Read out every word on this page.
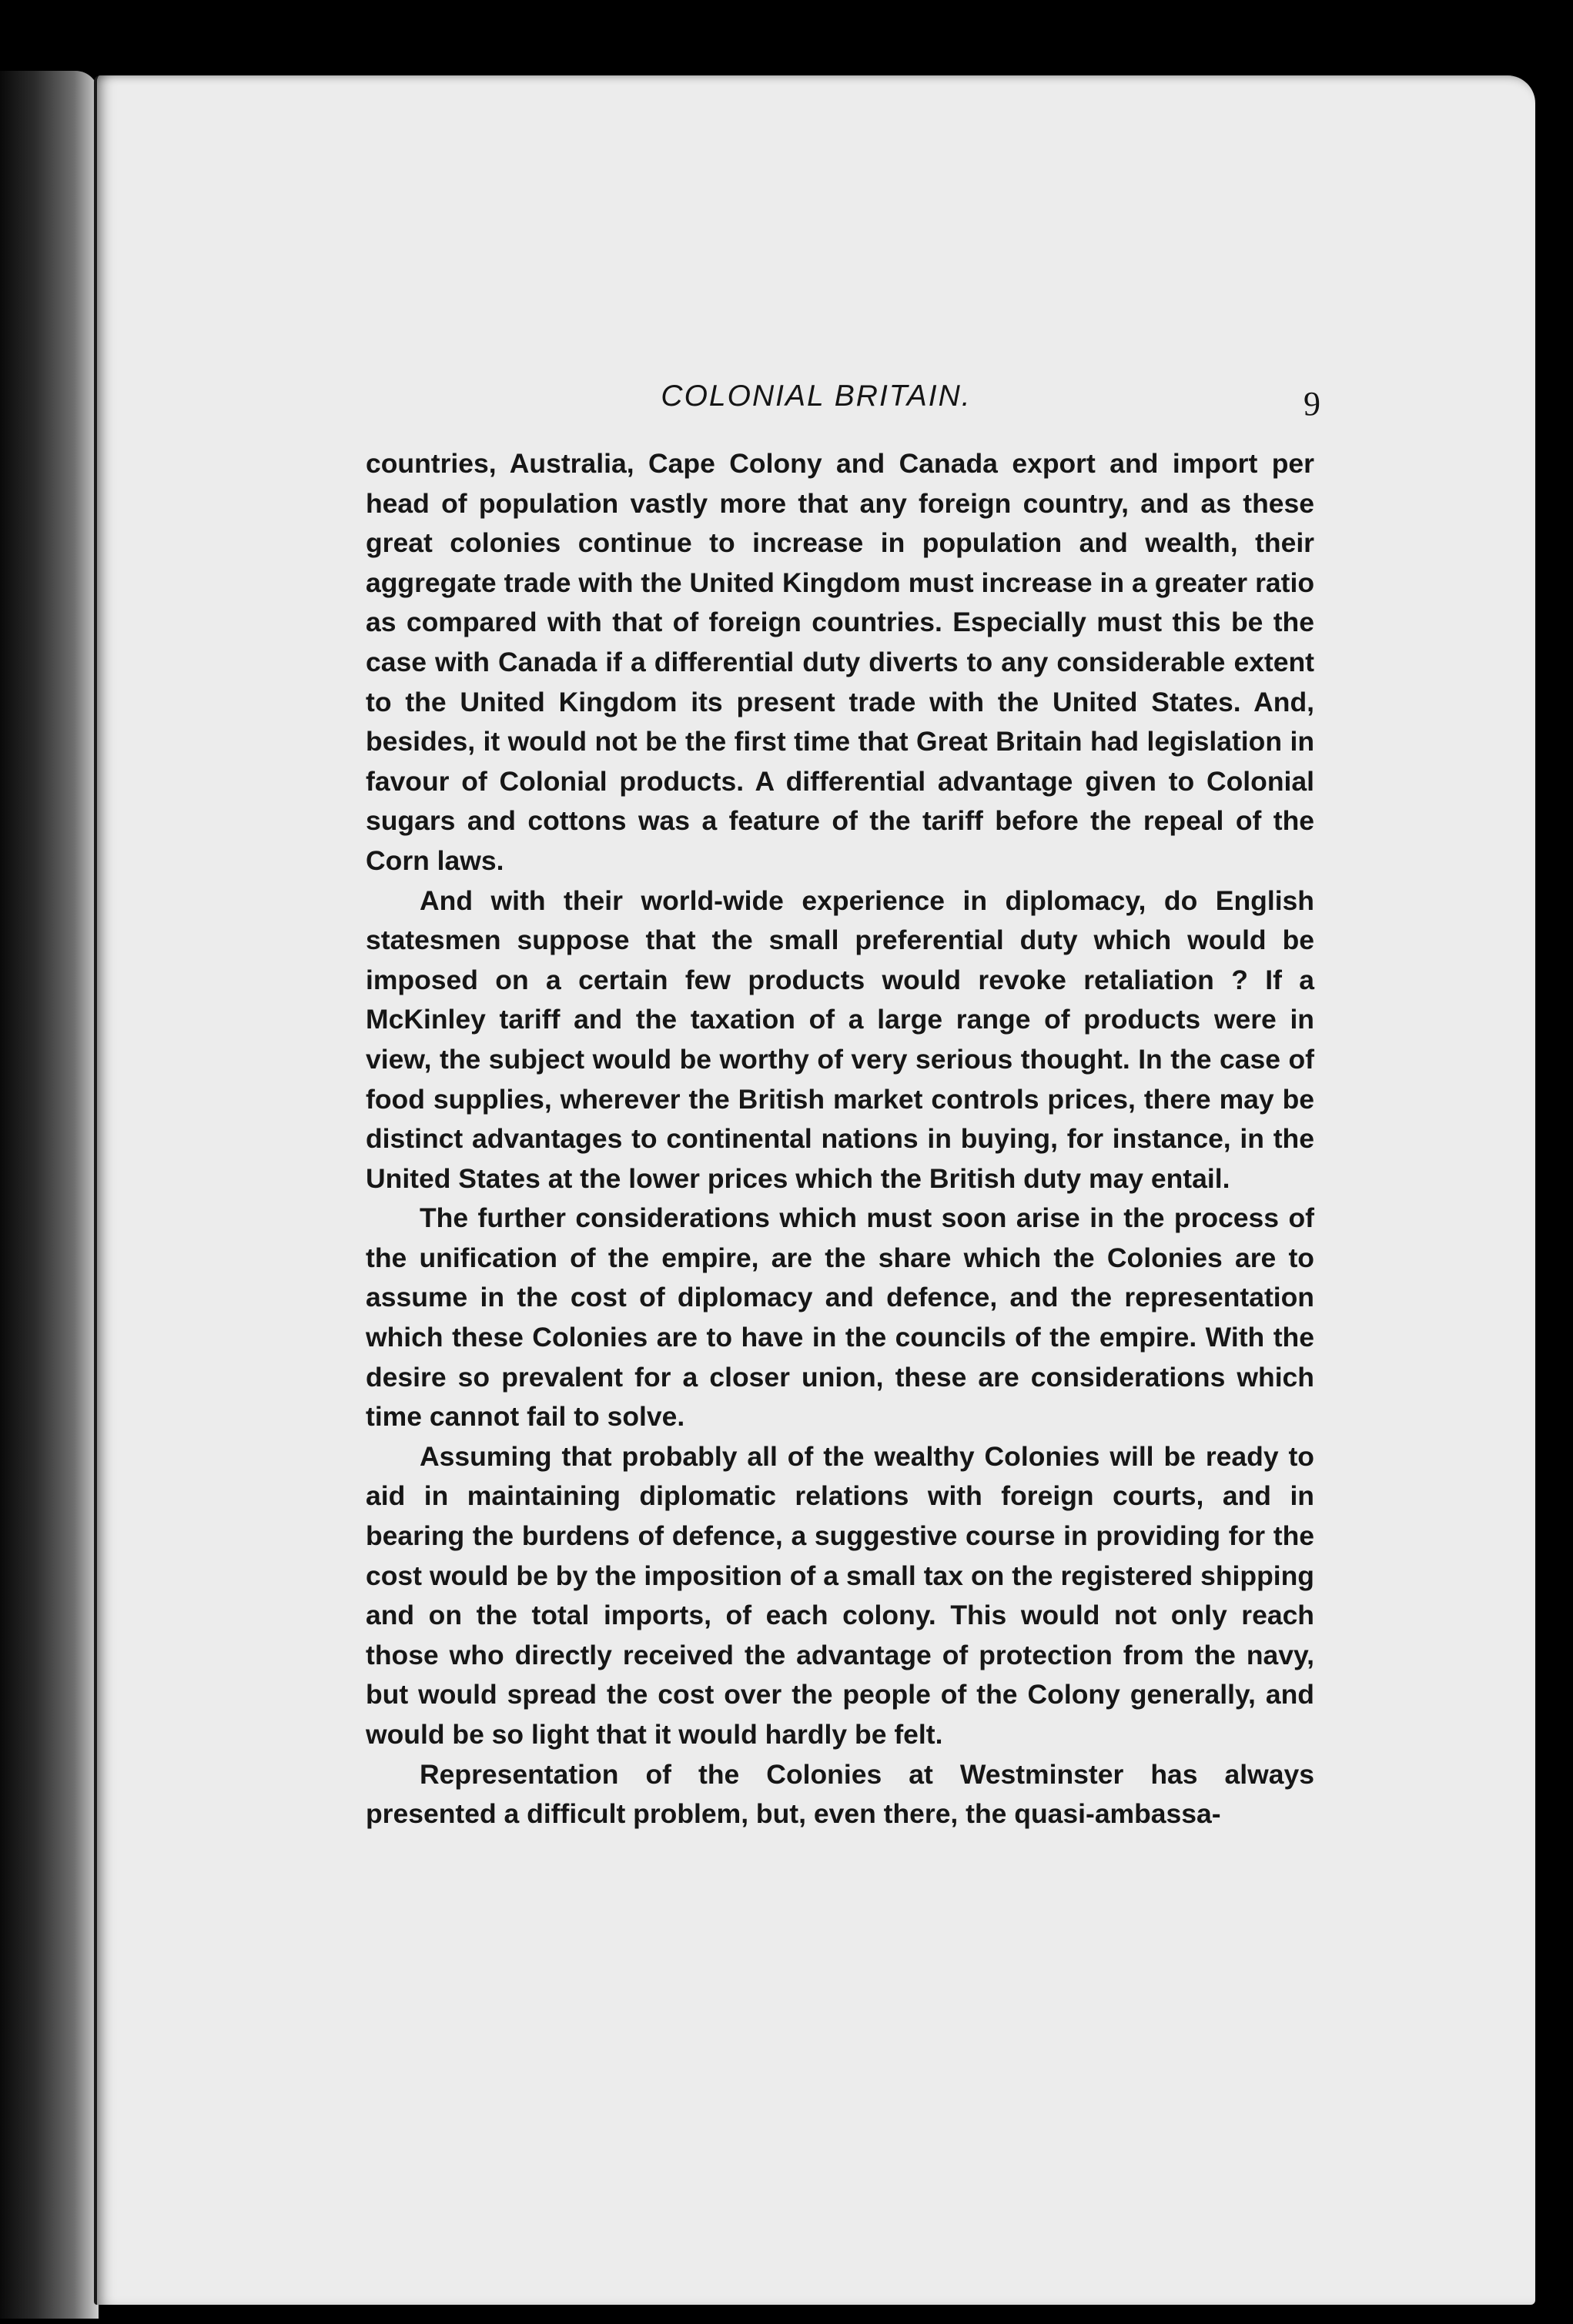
COLONIAL BRITAIN.	9

countries, Australia, Cape Colony and Canada export and import per head of population vastly more that any foreign country, and as these great colonies continue to increase in population and wealth, their aggregate trade with the United Kingdom must increase in a greater ratio as compared with that of foreign countries. Especially must this be the case with Canada if a differential duty diverts to any considerable extent to the United Kingdom its present trade with the United States. And, besides, it would not be the first time that Great Britain had legislation in favour of Colonial products. A differential advantage given to Colonial sugars and cottons was a feature of the tariff before the repeal of the Corn laws.

And with their world-wide experience in diplomacy, do English statesmen suppose that the small preferential duty which would be imposed on a certain few products would revoke retaliation ? If a McKinley tariff and the taxation of a large range of products were in view, the subject would be worthy of very serious thought. In the case of food supplies, wherever the British market controls prices, there may be distinct advantages to continental nations in buying, for instance, in the United States at the lower prices which the British duty may entail.

The further considerations which must soon arise in the process of the unification of the empire, are the share which the Colonies are to assume in the cost of diplomacy and defence, and the representation which these Colonies are to have in the councils of the empire. With the desire so prevalent for a closer union, these are considerations which time cannot fail to solve.

Assuming that probably all of the wealthy Colonies will be ready to aid in maintaining diplomatic relations with foreign courts, and in bearing the burdens of defence, a suggestive course in providing for the cost would be by the imposition of a small tax on the registered shipping and on the total imports, of each colony. This would not only reach those who directly received the advantage of protection from the navy, but would spread the cost over the people of the Colony generally, and would be so light that it would hardly be felt.

Representation of the Colonies at Westminster has always presented a difficult problem, but, even there, the quasi-ambassa-
